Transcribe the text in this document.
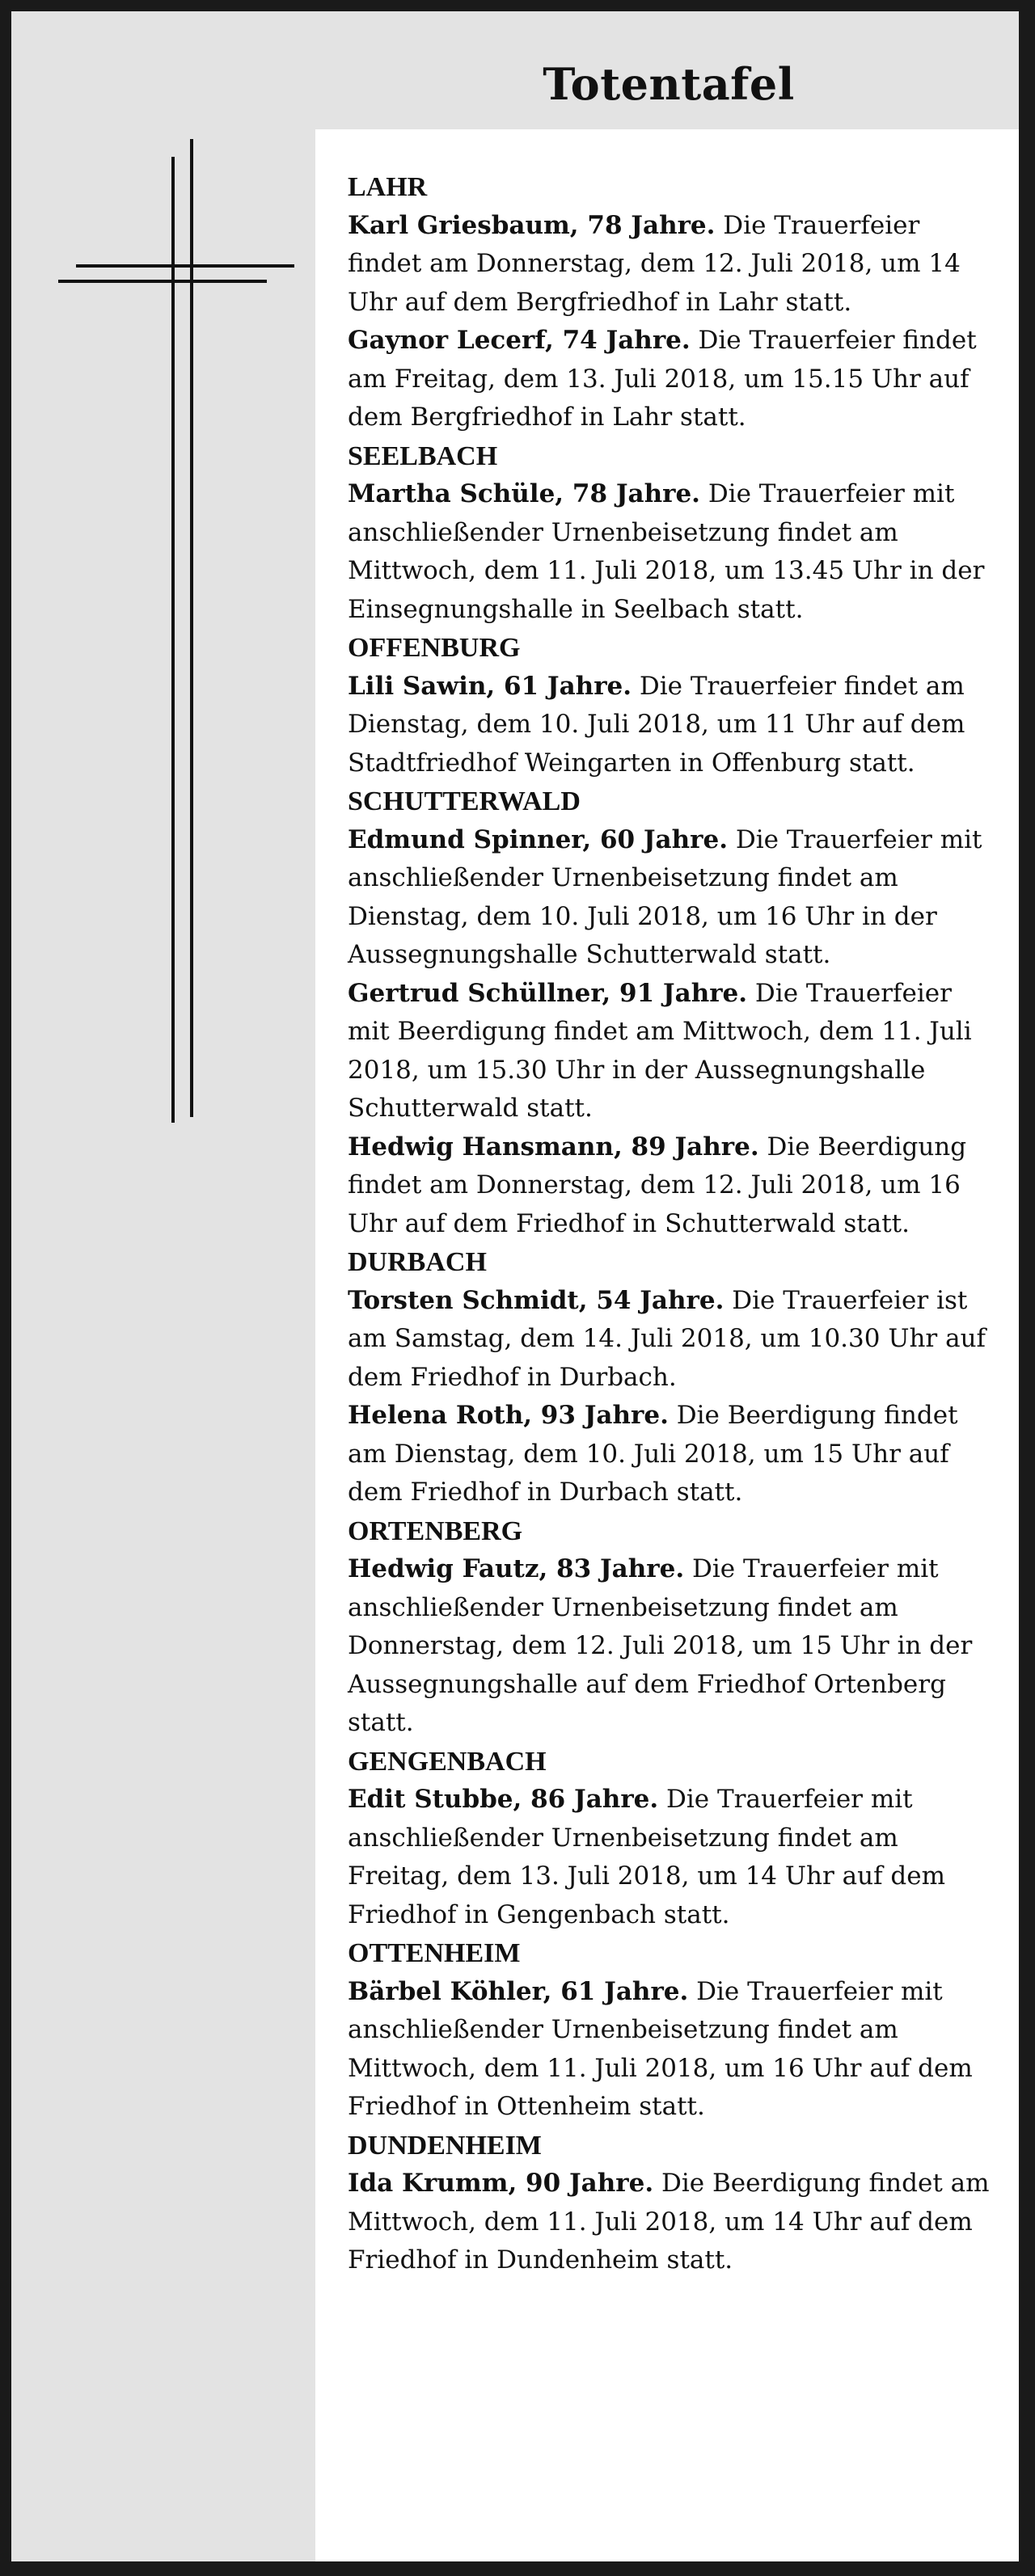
Totentafel
LAHR

Karl Griesbaum, 78 Jahre. Die Trauerfeier findet am Donnerstag, dem 12. Juli 2018, um 14 Uhr auf dem Bergfriedhof in Lahr statt.

Gaynor Lecerf, 74 Jahre. Die Trauerfeier findet am Freitag, dem 13. Juli 2018, um 15.15 Uhr auf dem Bergfriedhof in Lahr statt.

SEELBACH

Martha Schüle, 78 Jahre. Die Trauerfeier mit anschließender Urnenbeisetzung findet am Mittwoch, dem 11. Juli 2018, um 13.45 Uhr in der Einsegnungshalle in Seelbach statt.

OFFENBURG

Lili Sawin, 61 Jahre. Die Trauerfeier findet am Dienstag, dem 10. Juli 2018, um 11 Uhr auf dem Stadtfriedhof Weingarten in Offenburg statt.

SCHUTTERWALD

Edmund Spinner, 60 Jahre. Die Trauerfeier mit anschließender Urnenbeisetzung findet am Dienstag, dem 10. Juli 2018, um 16 Uhr in der Aussegnungshalle Schutterwald statt.

Gertrud Schüllner, 91 Jahre. Die Trauerfeier mit Beerdigung findet am Mittwoch, dem 11. Juli 2018, um 15.30 Uhr in der Aussegnungshalle Schutterwald statt.

Hedwig Hansmann, 89 Jahre. Die Beerdigung findet am Donnerstag, dem 12. Juli 2018, um 16 Uhr auf dem Friedhof in Schutterwald statt.

DURBACH

Torsten Schmidt, 54 Jahre. Die Trauerfeier ist am Samstag, dem 14. Juli 2018, um 10.30 Uhr auf dem Friedhof in Durbach.

Helena Roth, 93 Jahre. Die Beerdigung findet am Dienstag, dem 10. Juli 2018, um 15 Uhr auf dem Friedhof in Durbach statt.

ORTENBERG

Hedwig Fautz, 83 Jahre. Die Trauerfeier mit anschließender Urnenbeisetzung findet am Donnerstag, dem 12. Juli 2018, um 15 Uhr in der Aussegnungshalle auf dem Friedhof Ortenberg statt.

GENGENBACH

Edit Stubbe, 86 Jahre. Die Trauerfeier mit anschließender Urnenbeisetzung findet am Freitag, dem 13. Juli 2018, um 14 Uhr auf dem Friedhof in Gengenbach statt.

OTTENHEIM

Bärbel Köhler, 61 Jahre. Die Trauerfeier mit anschließender Urnenbeisetzung findet am Mittwoch, dem 11. Juli 2018, um 16 Uhr auf dem Friedhof in Ottenheim statt.

DUNDENHEIM

Ida Krumm, 90 Jahre. Die Beerdigung findet am Mittwoch, dem 11. Juli 2018, um 14 Uhr auf dem Friedhof in Dundenheim statt.
